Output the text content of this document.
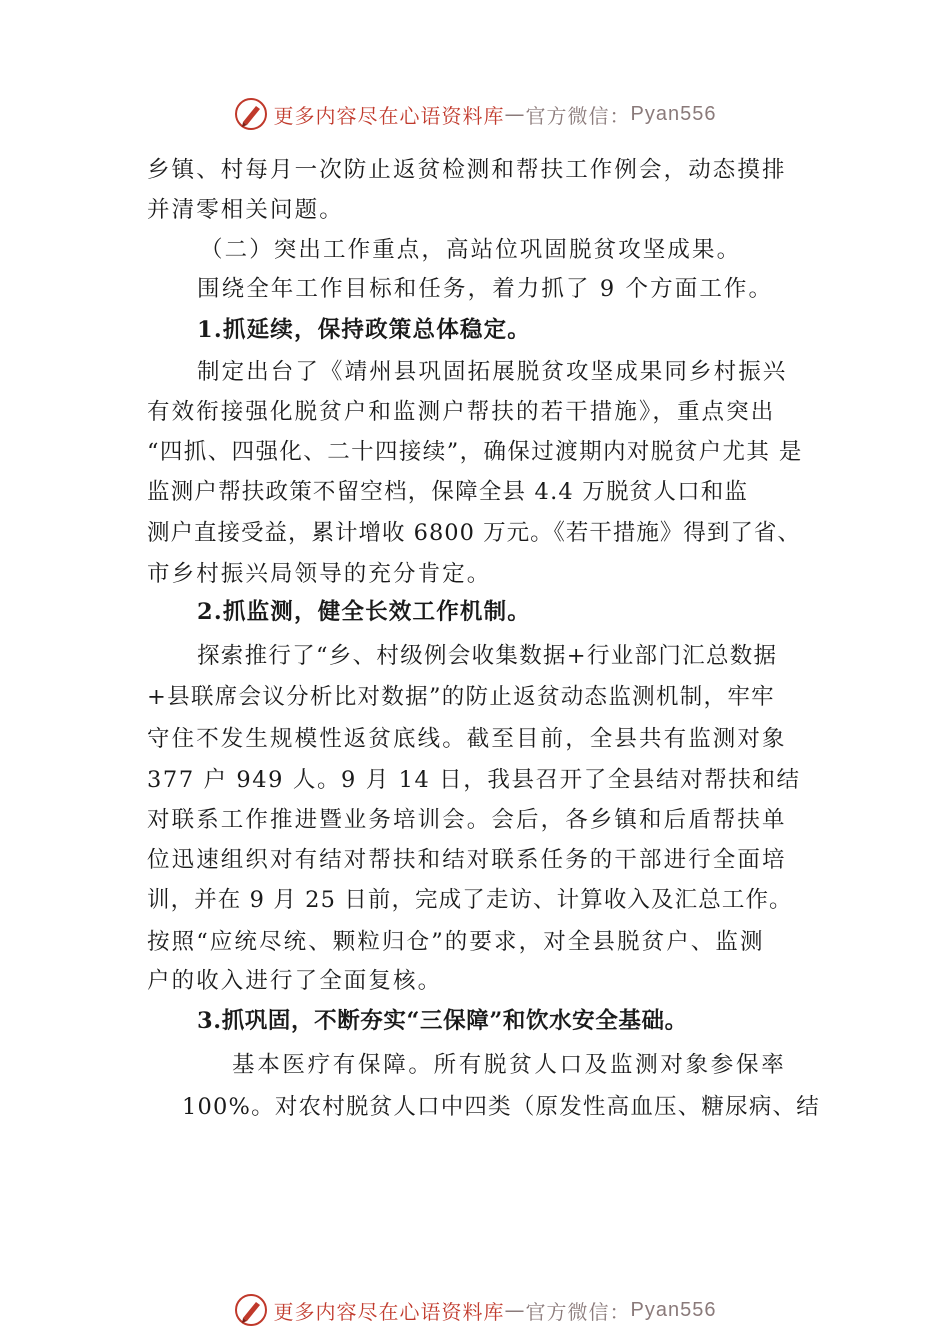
更多内容尽在心语资料库 — 官方微信： Pyan556
乡镇、村每月一次防止返贫检测和帮扶工作例会，动态摸排
并清零相关问题。
（二）突出工作重点，高站位巩固脱贫攻坚成果。
围绕全年工作目标和任务，着力抓了 9 个方面工作。
1.抓延续，保持政策总体稳定。
制定出台了《靖州县巩固拓展脱贫攻坚成果同乡村振兴
有效衔接强化脱贫户和监测户帮扶的若干措施》，重点突出
“四抓、四强化、二十四接续”，确保过渡期内对脱贫户尤其 是
监测户帮扶政策不留空档，保障全县 4.4 万脱贫人口和监
测户直接受益，累计增收 6800 万元。《若干措施》得到了省、
市乡村振兴局领导的充分肯定。
2.抓监测，健全长效工作机制。
探索推行了“乡、村级例会收集数据+行业部门汇总数据
+县联席会议分析比对数据”的防止返贫动态监测机制，牢牢
守住不发生规模性返贫底线。截至目前，全县共有监测对象
377 户 949 人。9 月 14 日，我县召开了全县结对帮扶和结
对联系工作推进暨业务培训会。会后，各乡镇和后盾帮扶单
位迅速组织对有结对帮扶和结对联系任务的干部进行全面培
训，并在 9 月 25 日前，完成了走访、计算收入及汇总工作。
按照“应统尽统、颗粒归仓”的要求，对全县脱贫户、监测
户的收入进行了全面复核。
3.抓巩固，不断夯实“三保障”和饮水安全基础。
基本医疗有保障。所有脱贫人口及监测对象参保率
100%。对农村脱贫人口中四类（原发性高血压、糖尿病、结
更多内容尽在心语资料库 — 官方微信： Pyan556
